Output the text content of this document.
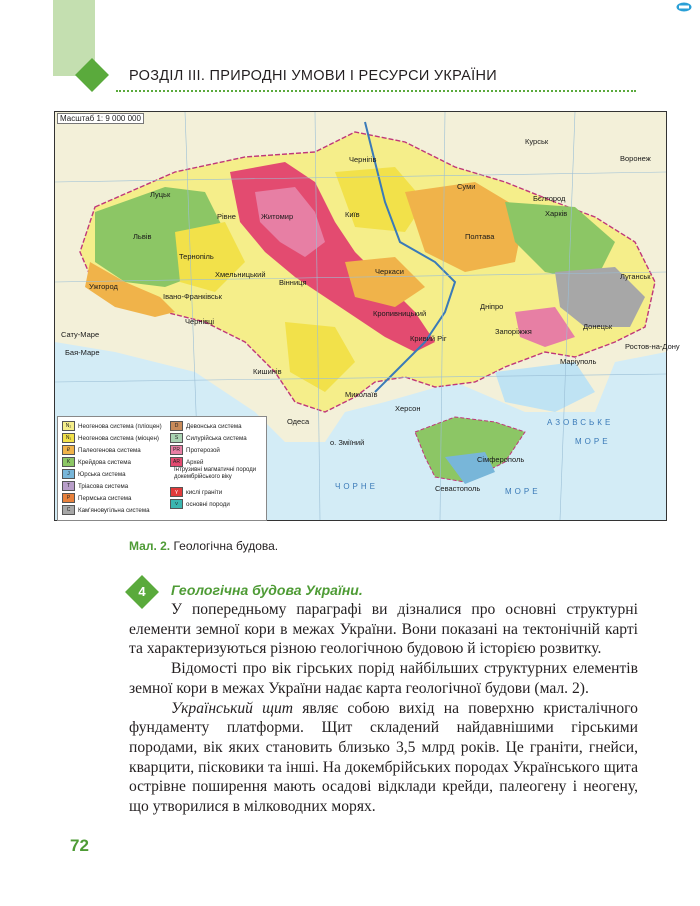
РОЗДІЛ ІІІ. ПРИРОДНІ УМОВИ І РЕСУРСИ УКРАЇНИ
Масштаб 1: 9 000 000
Луцьк
Рівне	Житомир	Київ
Чернігів
Суми
Харків
Полтава
Черкаси
Вінниця
Тернопіль
Львів
Ужгород
Івано-Франківськ
Чернівці
Хмельницький
Кропивницький
Дніпро
Запоріжжя
Донецьк
Луганськ
Миколаїв
Херсон
Одеса
Кишинів
Сімферополь
Севастополь
Курськ
Воронеж
Бєлгород
Ростов-на-Дону
Маріуполь
Кривий Ріг
о. Зміїний
Сату-Маре
Бая-Маре
АЗОВСЬКЕ
МОРЕ
ЧОРНЕ
МОРЕ
N₂	Неогенова система (пліоцен)
N₁	Неогенова система (міоцен)
₽	Палеогенова система
K	Крейдова система
J	Юрська система
T	Тріасова система
P	Пермська система
C	Кам'яновугільна система
D	Девонська система
S	Силурійська система
PR Протерозой
AR Архей
Інтрузивні магматичні породи докембрійського віку
γ	кислі граніти
ν	основні породи
Мал. 2. Геологічна будова.
4	Геологічна будова України.

У попередньому параграфі ви дізналися про основні структурні елементи земної кори в межах України. Вони показані на тектонічній карті та характеризуються різною геологічною будовою й історією розвитку.

Відомості про вік гірських порід найбільших структурних елементів земної кори в межах України надає карта геологічної будови (мал. 2).

Український щит являє собою вихід на поверхню кристалічного фундаменту платформи. Щит складений найдавнішими гірськими породами, вік яких становить близько 3,5 млрд років. Це граніти, гнейси, кварцити, пісковики та інші. На докембрійських породах Українського щита острівне поширення мають осадові відклади крейди, палеогену і неогену, що утворилися в мілководних морях.

72
